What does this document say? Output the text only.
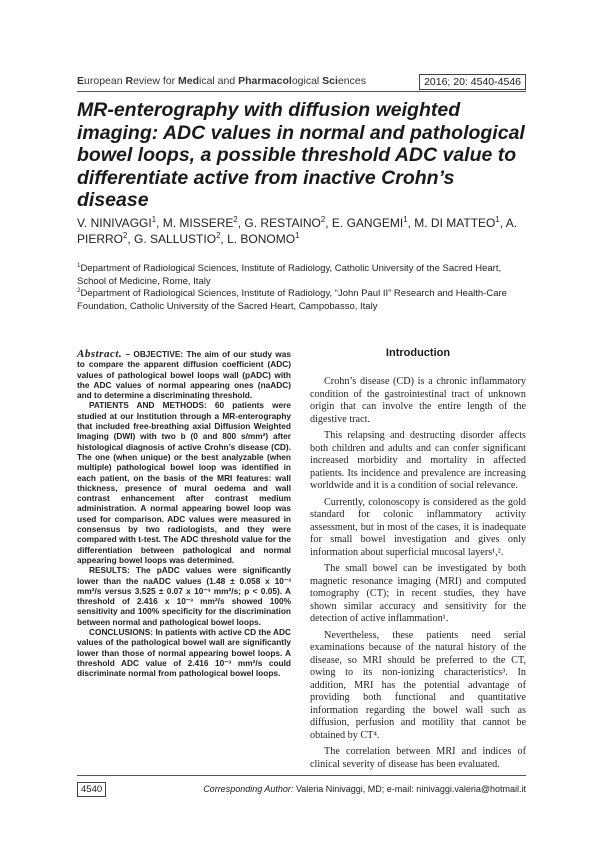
European Review for Medical and Pharmacological Sciences	2016; 20: 4540-4546
MR-enterography with diffusion weighted imaging: ADC values in normal and pathological bowel loops, a possible threshold ADC value to differentiate active from inactive Crohn’s disease
V. NINIVAGGI$^1$, M. MISSERE$^2$, G. RESTAINO$^2$, E. GANGEMI$^1$, M. DI MATTEO$^1$, A. PIERRO$^2$, G. SALLUSTIO$^2$, L. BONOMO$^1$

$^1$Department of Radiological Sciences, Institute of Radiology, Catholic University of the Sacred Heart, School of Medicine, Rome, Italy

$^2$Department of Radiological Sciences, Institute of Radiology, “John Paul II” Research and Health-Care Foundation, Catholic University of the Sacred Heart, Campobasso, Italy

Abstract. – OBJECTIVE: The aim of our study was to compare the apparent diffusion coefficient (ADC) values of pathological bowel loops wall (pADC) with the ADC values of normal appearing ones (naADC) and to determine a discriminating threshold.

PATIENTS AND METHODS: 60 patients were studied at our Institution through a MR-enterography that included free-breathing axial Diffusion Weighted Imaging (DWI) with two b (0 and 800 s/mm²) after histological diagnosis of active Crohn’s disease (CD). The one (when unique) or the best analyzable (when multiple) pathological bowel loop was identified in each patient, on the basis of the MRI features: wall thickness, presence of mural oedema and wall contrast enhancement after contrast medium administration. A normal appearing bowel loop was used for comparison. ADC values were measured in consensus by two radiologists, and they were compared with t-test. The ADC threshold value for the differentiation between pathological and normal appearing bowel loops was determined.

RESULTS: The pADC values were significantly lower than the naADC values (1.48 ± 0.058 x 10⁻³ mm²/s versus 3.525 ± 0.07 x 10⁻³ mm²/s; p < 0.05). A threshold of 2.416 x 10⁻³ mm²/s showed 100% sensitivity and 100% specificity for the discrimination between normal and pathological bowel loops.

CONCLUSIONS: In patients with active CD the ADC values of the pathological bowel wall are significantly lower than those of normal appearing bowel loops. A threshold ADC value of 2.416 10⁻³ mm²/s could discriminate normal from pathological bowel loops.

Introduction

Crohn’s disease (CD) is a chronic inflammatory condition of the gastrointestinal tract of unknown origin that can involve the entire length of the digestive tract.

This relapsing and destructing disorder affects both children and adults and can confer significant increased morbidity and mortality in affected patients. Its incidence and prevalence are increasing worldwide and it is a condition of social relevance.

Currently, colonoscopy is considered as the gold standard for colonic inflammatory activity assessment, but in most of the cases, it is inadequate for small bowel investigation and gives only information about superficial mucosal layers¹,².

The small bowel can be investigated by both magnetic resonance imaging (MRI) and computed tomography (CT); in recent studies, they have shown similar accuracy and sensitivity for the detection of active inflammation¹.

Nevertheless, these patients need serial examinations because of the natural history of the disease, so MRI should be preferred to the CT, owing to its non-ionizing characteristics³. In addition, MRI has the potential advantage of providing both functional and quantitative information regarding the bowel wall such as diffusion, perfusion and motility that cannot be obtained by CT⁴.

The correlation between MRI and indices of clinical severity of disease has been evaluated.

4540	Corresponding Author: Valeria Ninivaggi, MD; e-mail: ninivaggi.valeria@hotmail.it
